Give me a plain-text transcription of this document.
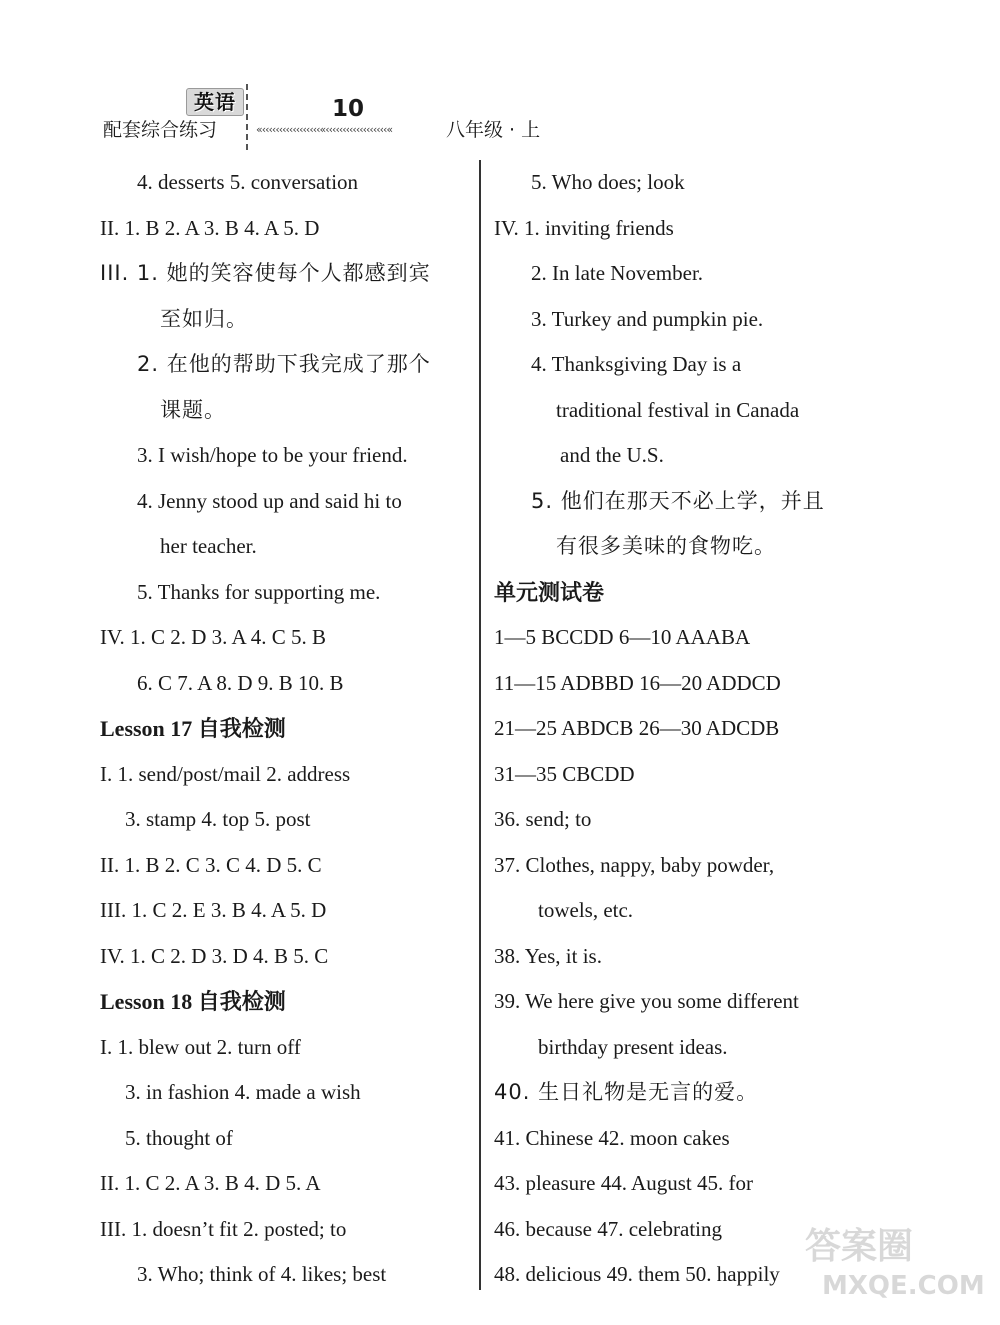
英语
配套综合练习
10
«‹‹‹‹‹‹‹‹‹‹‹‹‹‹‹‹‹«‹‹‹‹‹‹‹‹‹‹‹‹‹‹‹‹‹‹«	八年级 · 上
4. desserts 5. conversation
II. 1. B 2. A 3. B 4. A 5. D
III. 1. 她的笑容使每个人都感到宾
至如归。
2. 在他的帮助下我完成了那个
课题。
3. I wish/hope to be your friend.
4. Jenny stood up and said hi to
her teacher.
5. Thanks for supporting me.
IV. 1. C 2. D 3. A 4. C 5. B
6. C 7. A 8. D 9. B 10. B
Lesson 17 自我检测
I. 1. send/post/mail 2. address
3. stamp 4. top 5. post
II. 1. B 2. C 3. C 4. D 5. C
III. 1. C 2. E 3. B 4. A 5. D
IV. 1. C 2. D 3. D 4. B 5. C
Lesson 18 自我检测
I. 1. blew out 2. turn off
3. in fashion 4. made a wish
5. thought of
II. 1. C 2. A 3. B 4. D 5. A
III. 1. doesn’t fit 2. posted; to
3. Who; think of 4. likes; best
5. Who does; look
IV. 1. inviting friends
2. In late November.
3. Turkey and pumpkin pie.
4. Thanksgiving Day is a
traditional festival in Canada
and the U.S.
5. 他们在那天不必上学，并且
有很多美味的食物吃。
单元测试卷
1—5 BCCDD 6—10 AAABA
11—15 ADBBD 16—20 ADDCD
21—25 ABDCB 26—30 ADCDB
31—35 CBCDD
36. send; to
37. Clothes, nappy, baby powder,
towels, etc.
38. Yes, it is.
39. We here give you some different
birthday present ideas.
40. 生日礼物是无言的爱。
41. Chinese 42. moon cakes
43. pleasure 44. August 45. for
46. because 47. celebrating
48. delicious 49. them 50. happily
答案圈
MXQE.COM
